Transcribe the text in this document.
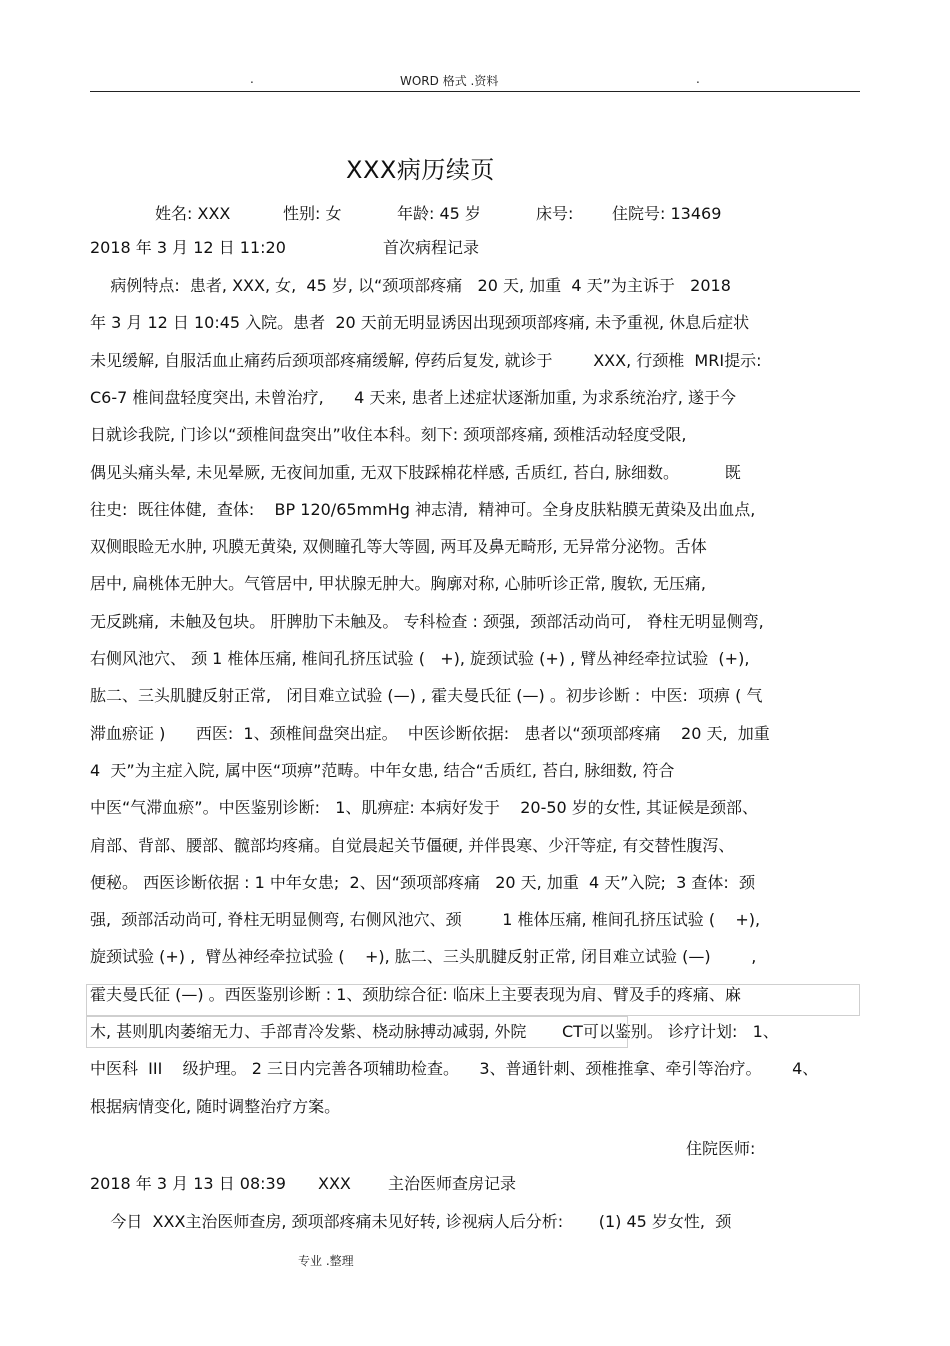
.	WORD 格式 .资料	.
XXX病历续页
姓名: XXX	性别: 女	年龄: 45 岁	床号: 住院号: 13469
2018 年 3 月 12 日 11:20	首次病程记录
病例特点:  患者, XXX, 女,  45 岁, 以“颈项部疼痛   20 天, 加重  4 天”为主诉于   2018
年 3 月 12 日 10:45 入院。患者  20 天前无明显诱因出现颈项部疼痛, 未予重视, 休息后症状
未见缓解, 自服活血止痛药后颈项部疼痛缓解, 停药后复发, 就诊于        XXX, 行颈椎  MRI提示:
C6-7 椎间盘轻度突出, 未曾治疗,      4 天来, 患者上述症状逐渐加重, 为求系统治疗, 遂于今
日就诊我院, 门诊以“颈椎间盘突出”收住本科。刻下: 颈项部疼痛, 颈椎活动轻度受限,
偶见头痛头晕, 未见晕厥, 无夜间加重, 无双下肢踩棉花样感, 舌质红, 苔白, 脉细数。         既
往史:  既往体健,  查体:    BP 120/65mmHg 神志清,  精神可。全身皮肤粘膜无黄染及出血点,
双侧眼睑无水肿, 巩膜无黄染, 双侧瞳孔等大等圆, 两耳及鼻无畸形, 无异常分泌物。舌体
居中, 扁桃体无肿大。气管居中, 甲状腺无肿大。胸廓对称, 心肺听诊正常, 腹软, 无压痛,
无反跳痛,  未触及包块。 肝脾肋下未触及。 专科检查 : 颈强,  颈部活动尚可,   脊柱无明显侧弯,
右侧风池穴、 颈 1 椎体压痛, 椎间孔挤压试验 (   +), 旋颈试验 (+) , 臂丛神经牵拉试验  (+),
肱二、三头肌腱反射正常,   闭目难立试验 (—) , 霍夫曼氏征 (—) 。初步诊断 :  中医:  项痹 ( 气
滞血瘀证 )      西医:  1、颈椎间盘突出症。  中医诊断依据:   患者以“颈项部疼痛    20 天,  加重
4  天”为主症入院, 属中医“项痹”范畴。中年女患, 结合“舌质红, 苔白, 脉细数, 符合
中医“气滞血瘀”。中医鉴别诊断:   1、肌痹症: 本病好发于    20-50 岁的女性, 其证候是颈部、
肩部、背部、腰部、髋部均疼痛。自觉晨起关节僵硬, 并伴畏寒、少汗等症, 有交替性腹泻、
便秘。 西医诊断依据 : 1 中年女患;  2、因“颈项部疼痛   20 天, 加重  4 天”入院;  3 查体:  颈
强,  颈部活动尚可, 脊柱无明显侧弯, 右侧风池穴、颈        1 椎体压痛, 椎间孔挤压试验 (    +),
旋颈试验 (+) ,  臂丛神经牵拉试验 (    +), 肱二、三头肌腱反射正常, 闭目难立试验 (—)        ,
霍夫曼氏征 (—) 。西医鉴别诊断 : 1、颈肋综合征: 临床上主要表现为肩、臂及手的疼痛、麻
木, 甚则肌肉萎缩无力、手部青冷发紫、桡动脉搏动减弱, 外院       CT可以鉴别。 诊疗计划:   1、
中医科  III    级护理。 2 三日内完善各项辅助检查。    3、普通针刺、颈椎推拿、牵引等治疗。      4、
根据病情变化, 随时调整治疗方案。
住院医师:
2018 年 3 月 13 日 08:39 XXX 主治医师查房记录
今日  XXX主治医师查房, 颈项部疼痛未见好转, 诊视病人后分析:       (1) 45 岁女性,  颈
专业 .整理
